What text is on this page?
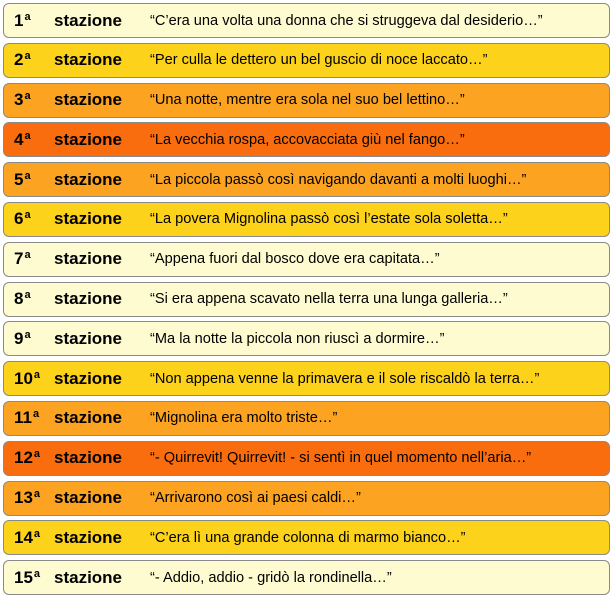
1$^a$	stazione	“C’era una volta una donna che si struggeva dal desiderio…”
2$^a$	stazione	“Per culla le dettero un bel guscio di noce laccato…”
3$^a$	stazione	“Una notte, mentre era sola nel suo bel lettino…”
4$^a$	stazione	“La vecchia rospa, accovacciata giù nel fango…”
5$^a$	stazione	“La piccola passò così navigando davanti a molti luoghi…”
6$^a$	stazione	“La povera Mignolina passò così l’estate sola soletta…”
7$^a$	stazione	“Appena fuori dal bosco dove era capitata…”
8$^a$	stazione	“Si era appena scavato nella terra una lunga galleria…”
9$^a$	stazione	“Ma la notte la piccola non riuscì a dormire…”
10$^a$ stazione	“Non appena venne la primavera e il sole riscaldò la terra…”
11$^a$ stazione	“Mignolina era molto triste…”
12$^a$ stazione	“- Quirrevit! Quirrevit! - si sentì in quel momento nell’aria…”
13$^a$ stazione	“Arrivarono così ai paesi caldi…”
14$^a$ stazione	“C’era lì una grande colonna di marmo bianco…”
15$^a$ stazione	“- Addio, addio - gridò la rondinella…”
